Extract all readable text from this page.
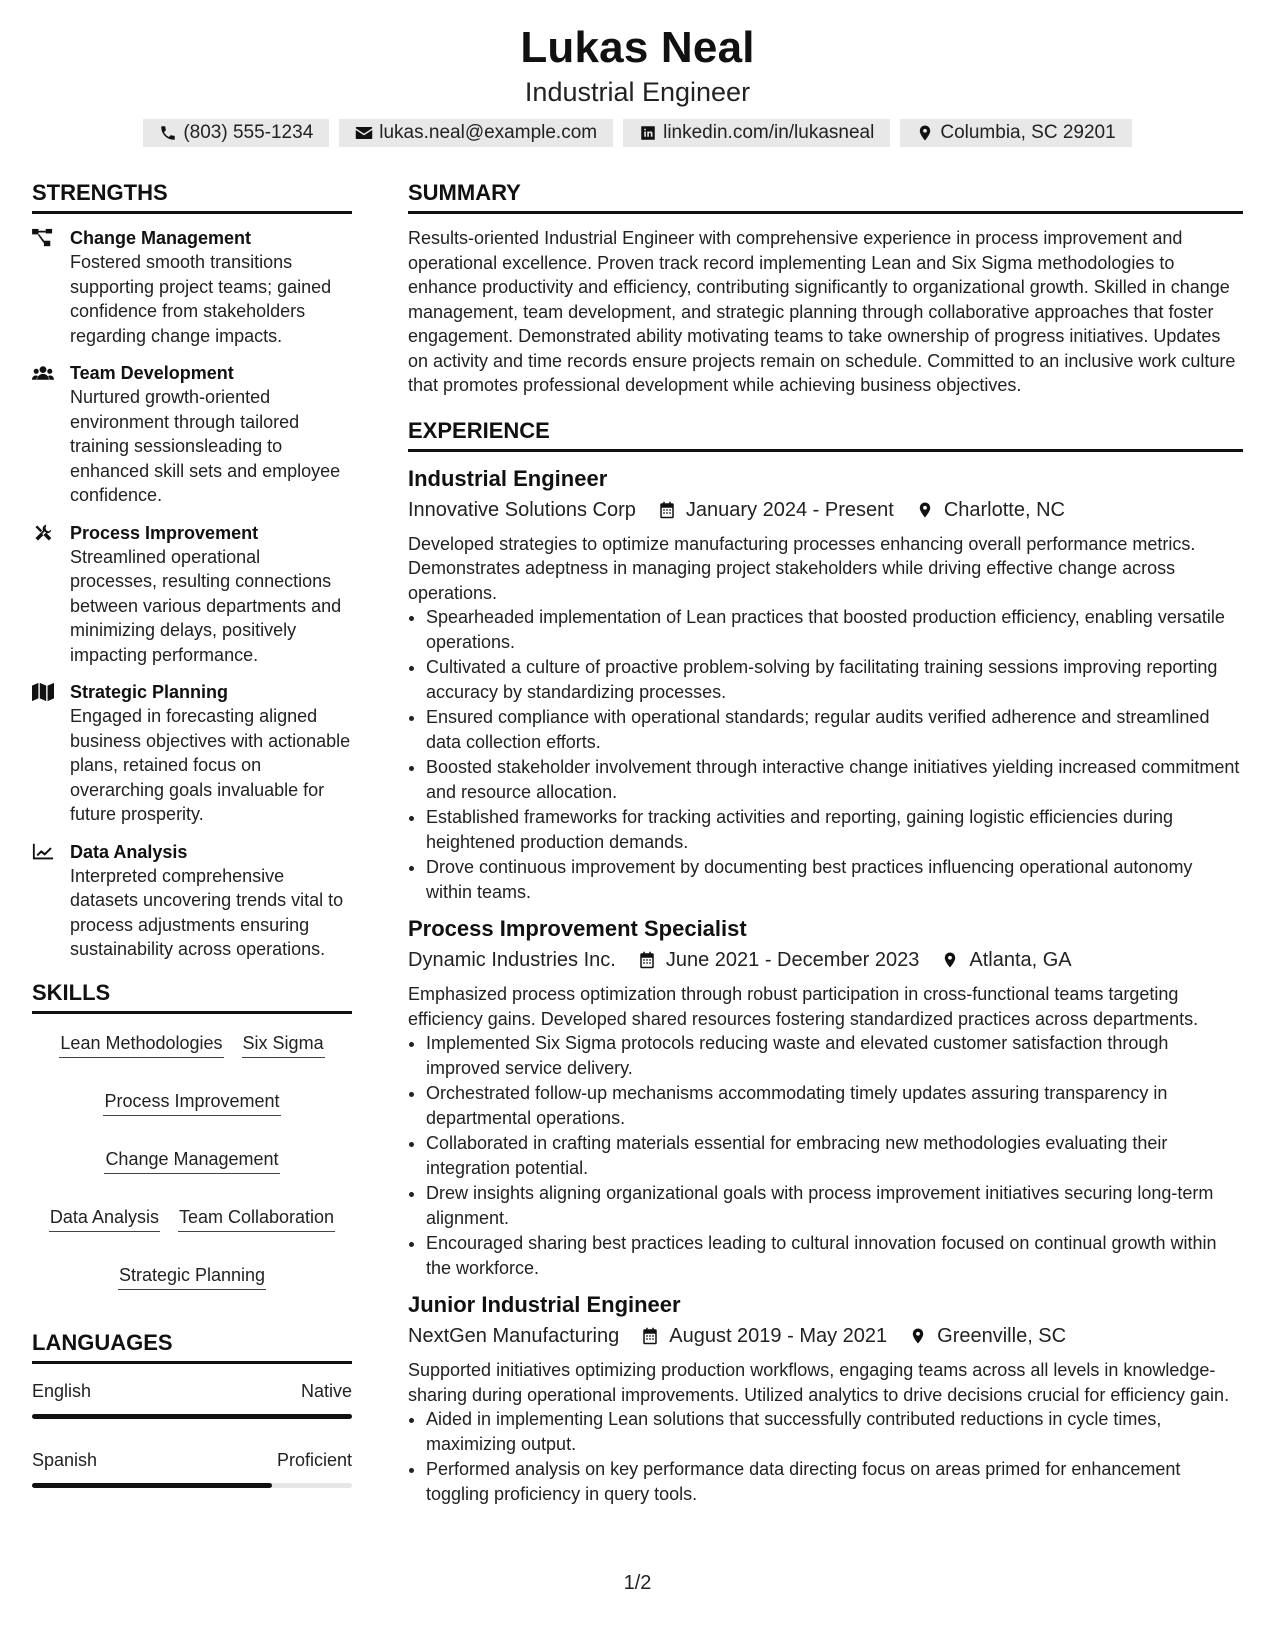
Lukas Neal
Industrial Engineer
(803) 555-1234	lukas.neal@example.com	linkedin.com/in/lukasneal	Columbia, SC 29201
STRENGTHS
Change Management
Fostered smooth transitions supporting project teams; gained confidence from stakeholders regarding change impacts.
Team Development
Nurtured growth-oriented environment through tailored training sessionsleading to enhanced skill sets and employee confidence.
Process Improvement
Streamlined operational processes, resulting connections between various departments and minimizing delays, positively impacting performance.
Strategic Planning
Engaged in forecasting aligned business objectives with actionable plans, retained focus on overarching goals invaluable for future prosperity.
Data Analysis
Interpreted comprehensive datasets uncovering trends vital to process adjustments ensuring sustainability across operations.
SKILLS
Lean Methodologies Six Sigma
Process Improvement
Change Management
Data Analysis Team Collaboration
Strategic Planning
LANGUAGES
English	Native
Spanish	Proficient
SUMMARY
Results-oriented Industrial Engineer with comprehensive experience in process improvement and operational excellence. Proven track record implementing Lean and Six Sigma methodologies to enhance productivity and efficiency, contributing significantly to organizational growth. Skilled in change management, team development, and strategic planning through collaborative approaches that foster engagement. Demonstrated ability motivating teams to take ownership of progress initiatives. Updates on activity and time records ensure projects remain on schedule. Committed to an inclusive work culture that promotes professional development while achieving business objectives.
EXPERIENCE
Industrial Engineer
Innovative Solutions Corp	January 2024 - Present	Charlotte, NC
Developed strategies to optimize manufacturing processes enhancing overall performance metrics. Demonstrates adeptness in managing project stakeholders while driving effective change across operations.
• Spearheaded implementation of Lean practices that boosted production efficiency, enabling versatile operations.
• Cultivated a culture of proactive problem-solving by facilitating training sessions improving reporting accuracy by standardizing processes.
• Ensured compliance with operational standards; regular audits verified adherence and streamlined data collection efforts.
• Boosted stakeholder involvement through interactive change initiatives yielding increased commitment and resource allocation.
• Established frameworks for tracking activities and reporting, gaining logistic efficiencies during heightened production demands.
• Drove continuous improvement by documenting best practices influencing operational autonomy within teams.
Process Improvement Specialist
Dynamic Industries Inc.	June 2021 - December 2023	Atlanta, GA
Emphasized process optimization through robust participation in cross-functional teams targeting efficiency gains. Developed shared resources fostering standardized practices across departments.
• Implemented Six Sigma protocols reducing waste and elevated customer satisfaction through improved service delivery.
• Orchestrated follow-up mechanisms accommodating timely updates assuring transparency in departmental operations.
• Collaborated in crafting materials essential for embracing new methodologies evaluating their integration potential.
• Drew insights aligning organizational goals with process improvement initiatives securing long-term alignment.
• Encouraged sharing best practices leading to cultural innovation focused on continual growth within the workforce.
Junior Industrial Engineer
NextGen Manufacturing	August 2019 - May 2021	Greenville, SC
Supported initiatives optimizing production workflows, engaging teams across all levels in knowledge-sharing during operational improvements. Utilized analytics to drive decisions crucial for efficiency gain.
• Aided in implementing Lean solutions that successfully contributed reductions in cycle times, maximizing output.
• Performed analysis on key performance data directing focus on areas primed for enhancement toggling proficiency in query tools.
1/2
